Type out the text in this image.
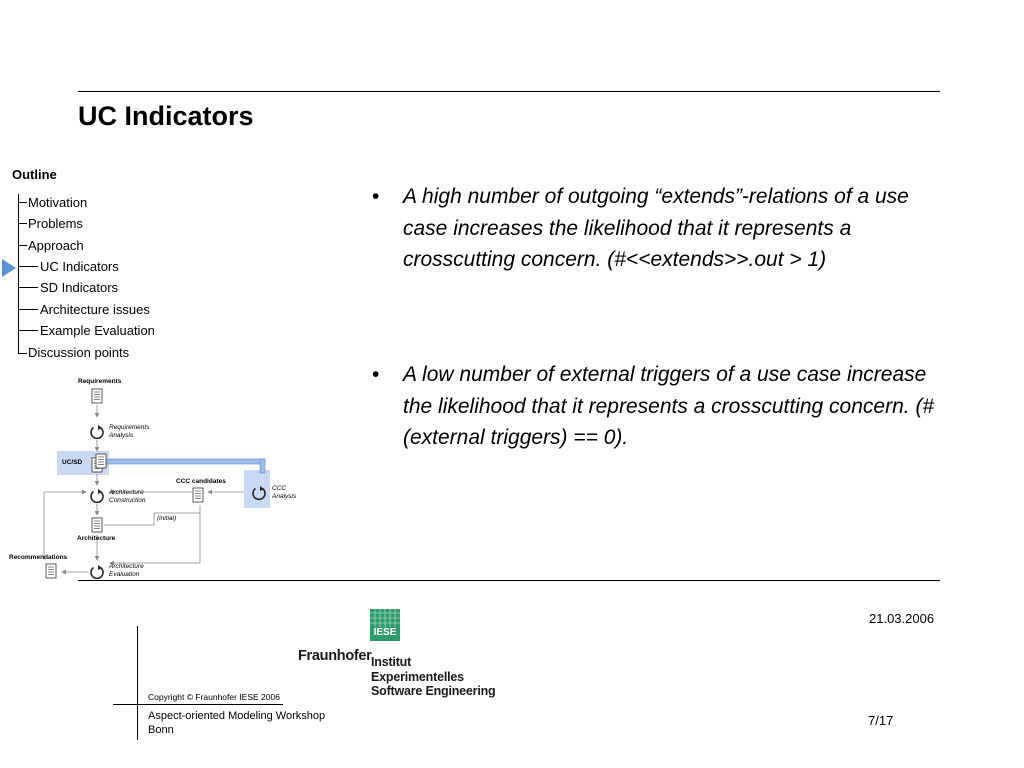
UC Indicators
Outline
Motivation
Problems
Approach
UC Indicators
SD Indicators
Architecture issues
Example Evaluation
Discussion points
Requirements
Requirements
Analysis
UC/SD
CCC candidates
CCC
Analysis
Architecture
Construction
(initial)
Architecture
Recommendations
Architecture
Evaluation
• A high number of outgoing “extends”-relations of a use case increases the likelihood that it represents a crosscutting concern. (#<<extends>>.out > 1)
• A low number of external triggers of a use case increase the likelihood that it represents a crosscutting concern. (#(external triggers) == 0).
21.03.2006
7/17
Copyright © Fraunhofer IESE 2006
Aspect-oriented Modeling Workshop
Bonn
IESE
Fraunhofer Institut
Experimentelles
Software Engineering
